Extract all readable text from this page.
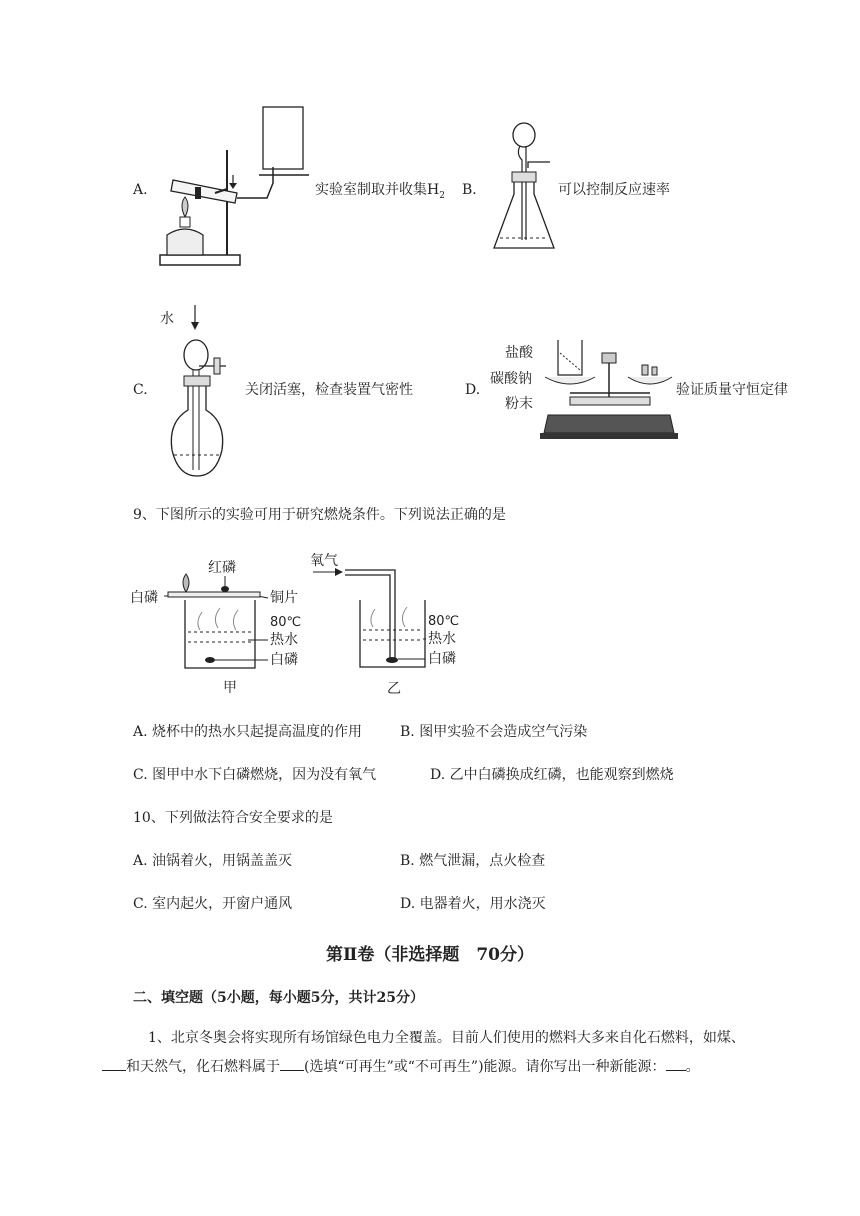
A.	实验室制取并收集$H_2$ B.	可以控制反应速率
C.
水
关闭活塞，检查装置气密性	D.
盐酸
碳酸钠
粉末
验证质量守恒定律
9、下图所示的实验可用于研究燃烧条件。下列说法正确的是
白磷
红磷
铜片
80℃
热水
白磷
甲
氧气
80℃
热水
白磷
乙
A. 烧杯中的热水只起提高温度的作用	B. 图甲实验不会造成空气污染
C. 图甲中水下白磷燃烧，因为没有氧气	D. 乙中白磷换成红磷，也能观察到燃烧
10、下列做法符合安全要求的是
A. 油锅着火，用锅盖盖灭	B. 燃气泄漏，点火检查
C. 室内起火，开窗户通风	D. 电器着火，用水浇灭
第Ⅱ卷（非选择题　70分）
二、填空题（5小题，每小题5分，共计25分）
1、北京冬奥会将实现所有场馆绿色电力全覆盖。目前人们使用的燃料大多来自化石燃料，如煤、
和天然气，化石燃料属于 (选填“可再生”或“不可再生”)能源。请你写出一种新能源： 。
